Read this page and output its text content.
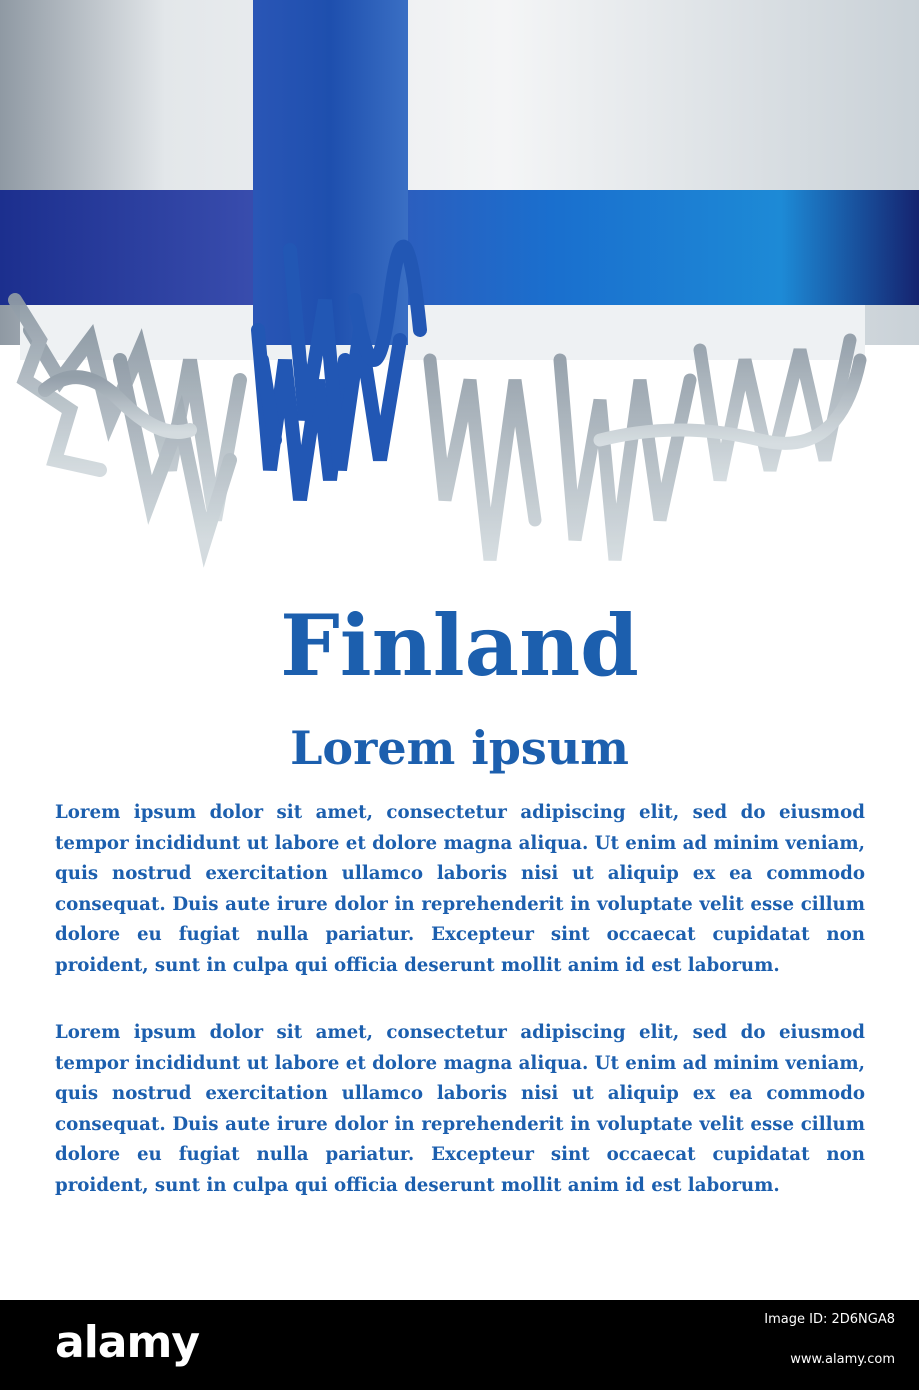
Finland
Lorem ipsum

Lorem ipsum dolor sit amet, consectetur adipiscing elit, sed do eiusmod tempor incididunt ut labore et dolore magna aliqua. Ut enim ad minim veniam, quis nostrud exercitation ullamco laboris nisi ut aliquip ex ea commodo consequat. Duis aute irure dolor in reprehenderit in voluptate velit esse cillum dolore eu fugiat nulla pariatur. Excepteur sint occaecat cupidatat non proident, sunt in culpa qui officia deserunt mollit anim id est laborum.

Lorem ipsum dolor sit amet, consectetur adipiscing elit, sed do eiusmod tempor incididunt ut labore et dolore magna aliqua. Ut enim ad minim veniam, quis nostrud exercitation ullamco laboris nisi ut aliquip ex ea commodo consequat. Duis aute irure dolor in reprehenderit in voluptate velit esse cillum dolore eu fugiat nulla pariatur. Excepteur sint occaecat cupidatat non proident, sunt in culpa qui officia deserunt mollit anim id est laborum.

alamy	Image ID: 2D6NGA8
www.alamy.com
